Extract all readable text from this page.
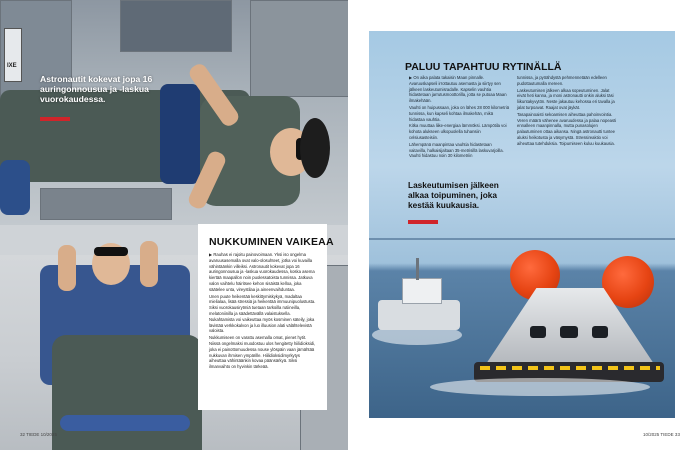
IXE
Astronautit kokevat jopa 16 auringonnousua ja -laskua vuorokaudessa.
NUKKUMINEN VAIKEAA

▶ Rauhas ei rajoitu painovoimaan. Yksi iso ongelma avaruusasemalla ovat valo-olosuhteet, jotka voi kuvailla vähintäänkin villeiksi. Astronautit kokevat jopa 16 auringonnousua ja -laskua vuorokaudessa, koska asema kiertää maapallon noin puolessatoista tunnissa. Jatkuva valon vaihtelu häiritsee kehon sisäistä kelloa, joka säätelee unta, vireystilaa ja aineenvaihduntaa.

Unen puute heikentää keskittymiskykyä, madaltaa mielialaa, lisää stressiä ja heikentää immuunipuolustusta. Siksi vuorokausirytmiä tuetaan tarkoilla rutiineilla, melatoniinilla ja säädettävällä valaistuksella. Nukahtamista voi vaikeuttaa myös kosminen säteily, joka lävistää verkkokalvon ja luo illuusion alati välähtelevistä valoista.

Nukkumiseen on varattu asemalla omat, pienet hytit. Niissä ongelmaksi muodostuu ulos hengitetty hiilidioksidi, joka ei painottomuudessa nouse ylöspäin vaan jämähtää nukkuvan ihmisen ympärille. Hiilidioksidimyrkytys aiheuttaa vähintäänkin kovaa päänsärkyä. Siksi ilmanvaihto on hyvinkin tärkeää.

32 TIEDE 10/2025
PALUU TAPAHTUU RYTINÄLLÄ

▶ On aika palata takaisin Maan pinnalle. Avaruuskapseli irrottautuu asemasta ja siirtyy sen jälkeen laskeutumisradalle. Kapselin vauhtia hidastetaan jarrutusmoottorilla, jotta se putoaa Maan ilmakehään.

Vauhti on huipussaan, joka on lähes 28 000 kilometriä tunnissa, kun kapseli kohtaa ilmakehän, mikä hidastaa vauhtia.

Kitka muuttaa liike-energiaa lämmöksi. Lämpötila voi kohota alukseen ulkopuolella tuhansiin celsiusasteisiin.

Lähempänä maanpintaa vauhtia hidastetaan vaitavilla, halkaisijaltaan 35-metrisillä laskuvarjoilla. Vauhti hidastuu noin 30 kilometriin

tunnissa, ja pyöähdystä pehmennetään edelleen pudottautumalla mereen.

Laskeutumisen jälkeen alkaa sopeutuminen. Jalat eivät heti kanna, ja moni astronautti onkin aluksi täsi liikuntakyvytön. Neste jakautuu kehossa eri tavalla ja jalat turpoavat. Raajat ovat jäykät.

Tasapainoaisti sekoamisen aiheuttaa pahoinvointia. Veren määrä vähenee avaruudessa ja palaa nopeasti ennalleen maanpinnalla, mutta punasolujen palautuminen ottaa aikansa. Ningä astronautti tuntee aluksi heikotusta ja väsymystä. Stressireaktio voi aiheuttaa tutehduksia. Toipumiseen kuluu kuukausia.

Laskeutumisen jälkeen alkaa toipuminen, joka kestää kuukausia.
10/2025 TIEDE 33
